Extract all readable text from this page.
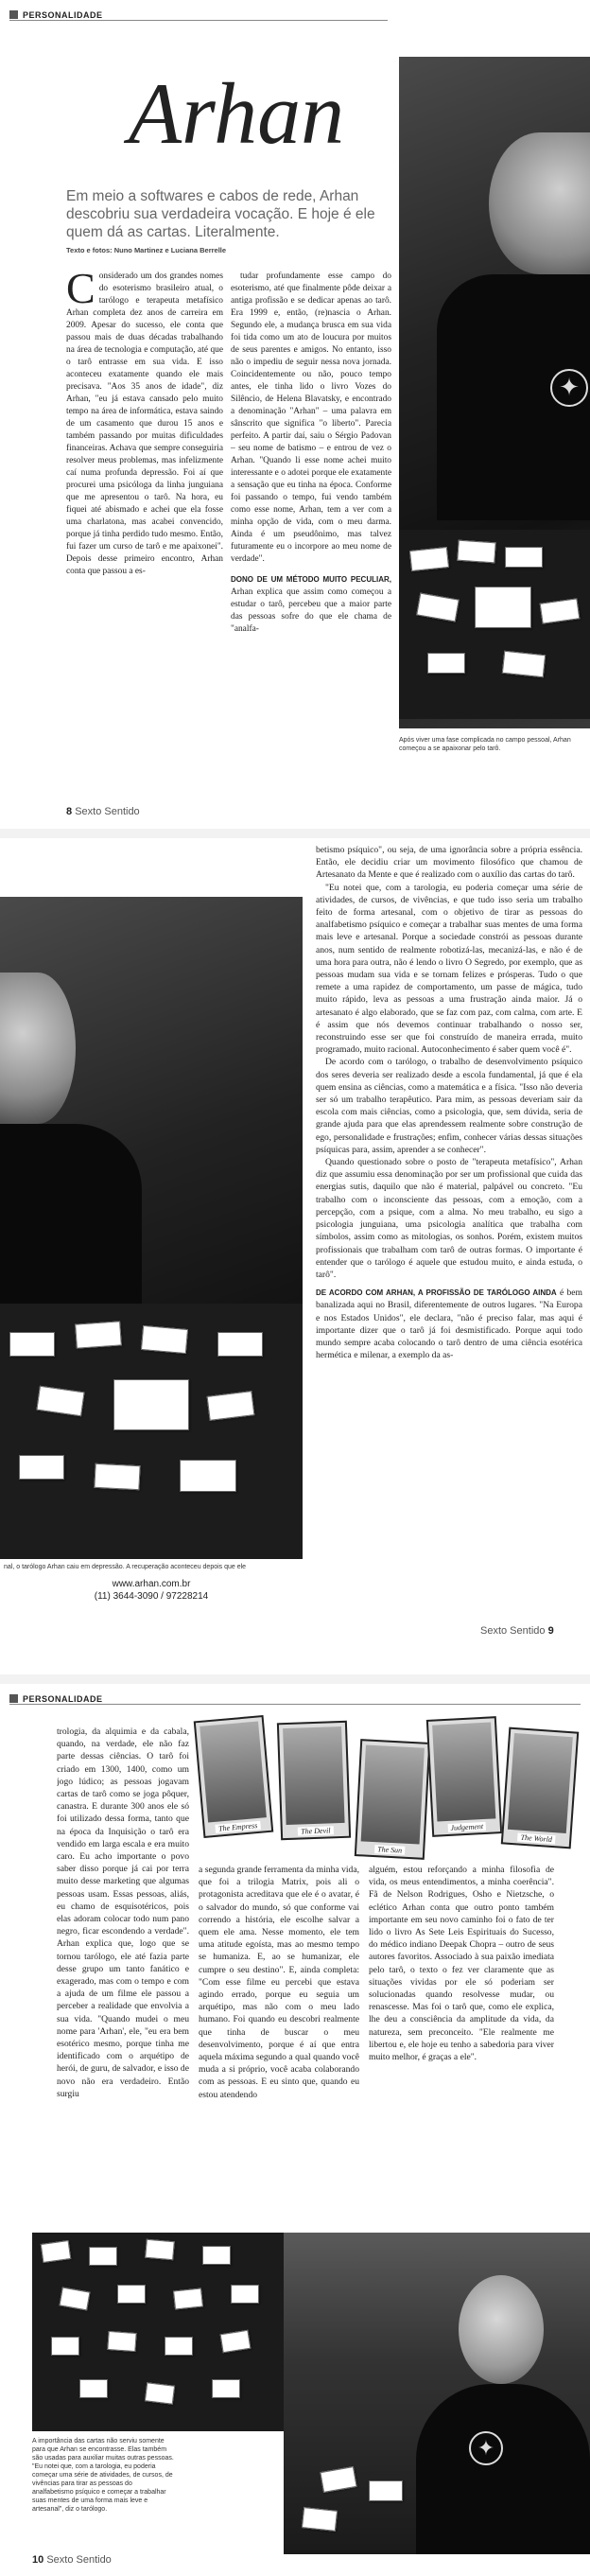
PERSONALIDADE
✦
Arhan
Em meio a softwares e cabos de rede, Arhan descobriu sua verdadeira vocação. E hoje é ele quem dá as cartas. Literalmente.
Texto e fotos: Nuno Martinez e Luciana Berrelle
Considerado um dos grandes nomes do esoterismo brasileiro atual, o tarólogo e terapeuta metafísico Arhan completa dez anos de carreira em 2009. Apesar do sucesso, ele conta que passou mais de duas décadas trabalhando na área de tecnologia e computação, até que o tarô entrasse em sua vida. E isso aconteceu exatamente quando ele mais precisava. "Aos 35 anos de idade", diz Arhan, "eu já estava cansado pelo muito tempo na área de informática, estava saindo de um casamento que durou 15 anos e também passando por muitas dificuldades financeiras. Achava que sempre conseguiria resolver meus problemas, mas infelizmente caí numa profunda depressão. Foi aí que procurei uma psicóloga da linha junguiana que me apresentou o tarô. Na hora, eu fiquei até abismado e achei que ela fosse uma charlatona, mas acabei convencido, porque já tinha perdido tudo mesmo. Então, fui fazer um curso de tarô e me apaixonei". Depois desse primeiro encontro, Arhan conta que passou a es-

tudar profundamente esse campo do esoterismo, até que finalmente pôde deixar a antiga profissão e se dedicar apenas ao tarô. Era 1999 e, então, (re)nascia o Arhan. Segundo ele, a mudança brusca em sua vida foi tida como um ato de loucura por muitos de seus parentes e amigos. No entanto, isso não o impediu de seguir nessa nova jornada. Coincidentemente ou não, pouco tempo antes, ele tinha lido o livro Vozes do Silêncio, de Helena Blavatsky, e encontrado a denominação "Arhan" – uma palavra em sânscrito que significa "o liberto". Parecia perfeito. A partir daí, saiu o Sérgio Padovan – seu nome de batismo – e entrou de vez o Arhan. "Quando li esse nome achei muito interessante e o adotei porque ele exatamente a sensação que eu tinha na época. Conforme foi passando o tempo, fui vendo também como esse nome, Arhan, tem a ver com a minha opção de vida, com o meu darma. Ainda é um pseudônimo, mas talvez futuramente eu o incorpore ao meu nome de verdade".

DONO DE UM MÉTODO MUITO PECULIAR, Arhan explica que assim como começou a estudar o tarô, percebeu que a maior parte das pessoas sofre do que ele chama de "analfa-

Após viver uma fase complicada no campo pessoal, Arhan começou a se apaixonar pelo tarô.
8 Sexto Sentido
nal, o tarólogo Arhan caiu em depressão. A recuperação aconteceu depois que ele

betismo psíquico", ou seja, de uma ignorância sobre a própria essência. Então, ele decidiu criar um movimento filosófico que chamou de Artesanato da Mente e que é realizado com o auxílio das cartas do tarô.

"Eu notei que, com a tarologia, eu poderia começar uma série de atividades, de cursos, de vivências, e que tudo isso seria um trabalho feito de forma artesanal, com o objetivo de tirar as pessoas do analfabetismo psíquico e começar a trabalhar suas mentes de uma forma mais leve e artesanal. Porque a sociedade constrói as pessoas durante anos, num sentido de realmente robotizá-las, mecanizá-las, e não é de uma hora para outra, não é lendo o livro O Segredo, por exemplo, que as pessoas mudam sua vida e se tornam felizes e prósperas. Tudo o que remete a uma rapidez de comportamento, um passe de mágica, tudo muito rápido, leva as pessoas a uma frustração ainda maior. Já o artesanato é algo elaborado, que se faz com paz, com calma, com arte. E é assim que nós devemos continuar trabalhando o nosso ser, reconstruindo esse ser que foi construído de maneira errada, muito programado, muito racional. Autoconhecimento é saber quem você é".

De acordo com o tarólogo, o trabalho de desenvolvimento psíquico dos seres deveria ser realizado desde a escola fundamental, já que é ela quem ensina as ciências, como a matemática e a física. "Isso não deveria ser só um trabalho terapêutico. Para mim, as pessoas deveriam sair da escola com mais ciências, como a psicologia, que, sem dúvida, seria de grande ajuda para que elas aprendessem realmente sobre construção de ego, personalidade e frustrações; enfim, conhecer várias dessas situações psíquicas para, assim, aprender a se conhecer".

Quando questionado sobre o posto de "terapeuta metafísico", Arhan diz que assumiu essa denominação por ser um profissional que cuida das energias sutis, daquilo que não é material, palpável ou concreto. "Eu trabalho com o inconsciente das pessoas, com a emoção, com a percepção, com a psique, com a alma. No meu trabalho, eu sigo a psicologia junguiana, uma psicologia analítica que trabalha com símbolos, assim como as mitologias, os sonhos. Porém, existem muitos profissionais que trabalham com tarô de outras formas. O importante é entender que o tarólogo é aquele que estudou muito, e ainda estuda, o tarô".

DE ACORDO COM ARHAN, A PROFISSÃO DE TARÓLOGO AINDA é bem banalizada aqui no Brasil, diferentemente de outros lugares. "Na Europa e nos Estados Unidos", ele declara, "não é preciso falar, mas aqui é importante dizer que o tarô já foi desmistificado. Porque aqui todo mundo sempre acaba colocando o tarô dentro de uma ciência esotérica hermética e milenar, a exemplo da as-

www.arhan.com.br
(11) 3644-3090 / 97228214
Sexto Sentido 9
PERSONALIDADE
The Empress	The Devil
The Sun
Judgement
The World

trologia, da alquimia e da cabala, quando, na verdade, ele não faz parte dessas ciências. O tarô foi criado em 1300, 1400, como um jogo lúdico; as pessoas jogavam cartas de tarô como se joga pôquer, canastra. E durante 300 anos ele só foi utilizado dessa forma, tanto que na época da Inquisição o tarô era vendido em larga escala e era muito caro. Eu acho importante o povo saber disso porque já cai por terra muito desse marketing que algumas pessoas usam. Essas pessoas, aliás, eu chamo de esquisotéricos, pois elas adoram colocar todo num pano negro, ficar escondendo a verdade". Arhan explica que, logo que se tornou tarólogo, ele até fazia parte desse grupo um tanto fanático e exagerado, mas com o tempo e com a ajuda de um filme ele passou a perceber a realidade que envolvia a sua vida. "Quando mudei o meu nome para 'Arhan', ele, "eu era bem esotérico mesmo, porque tinha me identificado com o arquétipo de herói, de guru, de salvador, e isso de novo não era verdadeiro. Então surgiu

a segunda grande ferramenta da minha vida, que foi a trilogia Matrix, pois ali o protagonista acreditava que ele é o avatar, é o salvador do mundo, só que conforme vai correndo a história, ele escolhe salvar a quem ele ama. Nesse momento, ele tem uma atitude egoísta, mas ao mesmo tempo se humaniza. E, ao se humanizar, ele cumpre o seu destino". E, ainda completa: "Com esse filme eu percebi que estava agindo errado, porque eu seguia um arquétipo, mas não com o meu lado humano. Foi quando eu descobri realmente que tinha de buscar o meu desenvolvimento, porque é aí que entra aquela máxima segundo a qual quando você muda a si próprio, você acaba colaborando com as pessoas. E eu sinto que, quando eu estou atendendo

alguém, estou reforçando a minha filosofia de vida, os meus entendimentos, a minha coerência". Fã de Nelson Rodrigues, Osho e Nietzsche, o eclético Arhan conta que outro ponto também importante em seu novo caminho foi o fato de ter lido o livro As Sete Leis Espirituais do Sucesso, do médico indiano Deepak Chopra – outro de seus autores favoritos. Associado à sua paixão imediata pelo tarô, o texto o fez ver claramente que as situações vividas por ele só poderiam ser solucionadas quando resolvesse mudar, ou renascesse. Mas foi o tarô que, como ele explica, lhe deu a consciência da amplitude da vida, da natureza, sem preconceito. "Ele realmente me libertou e, ele hoje eu tenho a sabedoria para viver muito melhor, é graças a ele".

A importância das cartas não serviu somente para que Arhan se encontrasse. Elas também são usadas para auxiliar muitas outras pessoas. "Eu notei que, com a tarologia, eu poderia começar uma série de atividades, de cursos, de vivências para tirar as pessoas do analfabetismo psíquico e começar a trabalhar suas mentes de uma forma mais leve e artesanal", diz o tarólogo.
✦
10 Sexto Sentido
